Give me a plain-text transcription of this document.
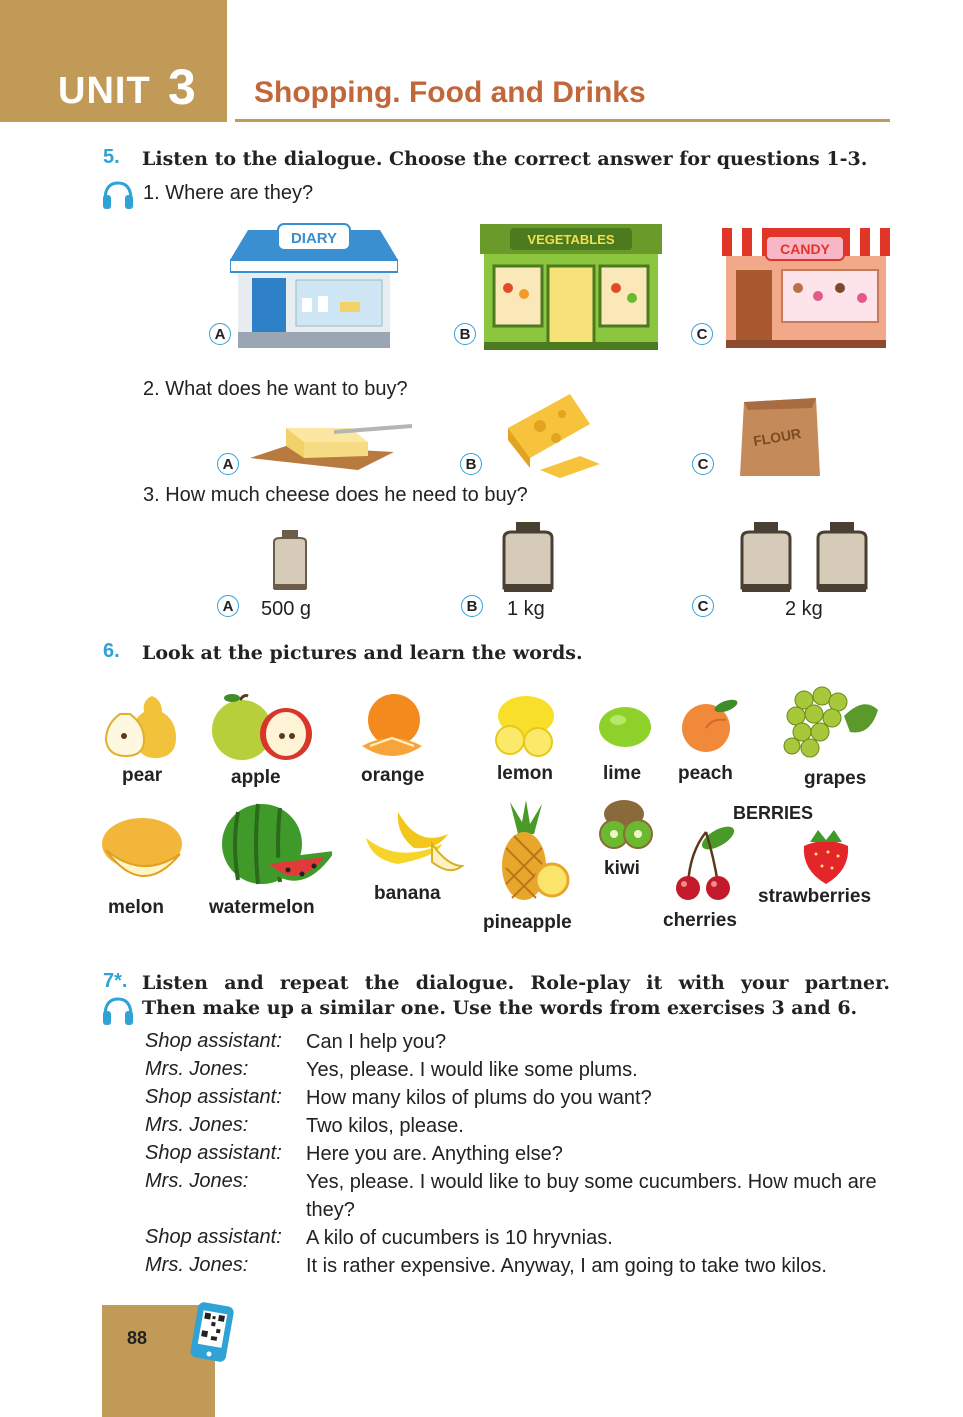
UNIT 3 Shopping. Food and Drinks
5. Listen to the dialogue. Choose the correct answer for questions 1-3.
1. Where are they?
DIARY
A
VEGETABLES
B
CANDY
C
2. What does he want to buy?
A	B
FLOUR
C
3. How much cheese does he need to buy?
A 500 g	B 1 kg	C	2 kg
6. Look at the pictures and learn the words.
pear	apple	orange	lemon	lime peach	grapes
BERRIES
melon watermelon
banana
pineapple
kiwi
cherries
strawberries
7*. Listen and repeat the dialogue. Role-play it with your partner.
Then make up a similar one. Use the words from exercises 3 and 6.
Shop assistant: Can I help you?
Mrs. Jones:	Yes, please. I would like some plums.
Shop assistant: How many kilos of plums do you want?
Mrs. Jones:	Two kilos, please.
Shop assistant: Here you are. Anything else?
Mrs. Jones:	Yes, please. I would like to buy some cucumbers. How much are they?
Shop assistant: A kilo of cucumbers is 10 hryvnias.
Mrs. Jones:	It is rather expensive. Anyway, I am going to take two kilos.
88
